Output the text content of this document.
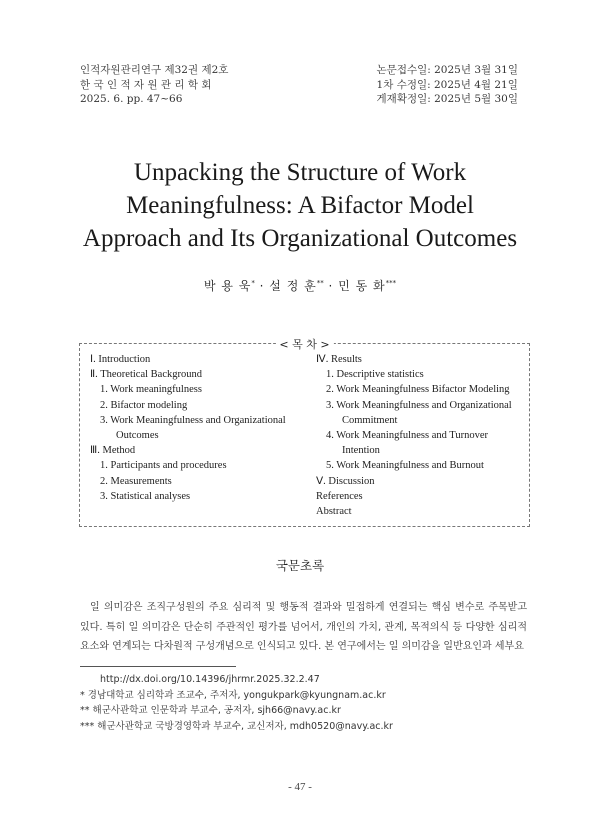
인적자원관리연구 제32권 제2호
한 국 인 적 자 원 관 리 학 회
2025. 6. pp. 47~66
논문접수일: 2025년 3월 31일
1차 수정일: 2025년 4월 21일
게재확정일: 2025년 5월 30일
Unpacking the Structure of Work
Meaningfulness: A Bifactor Model
Approach and Its Organizational Outcomes
박 용 욱* · 설 정 훈** · 민 동 화***
< 목 차 >
Ⅰ. Introduction
Ⅱ. Theoretical Background
1. Work meaningfulness
2. Bifactor modeling
3. Work Meaningfulness and Organizational
Outcomes
Ⅲ. Method
1. Participants and procedures
2. Measurements
3. Statistical analyses
Ⅳ. Results
1. Descriptive statistics
2. Work Meaningfulness Bifactor Modeling
3. Work Meaningfulness and Organizational
Commitment
4. Work Meaningfulness and Turnover
Intention
5. Work Meaningfulness and Burnout
Ⅴ. Discussion
References
Abstract
국문초록

일 의미감은 조직구성원의 주요 심리적 및 행동적 결과와 밀접하게 연결되는 핵심 변수로 주목받고 있다. 특히 일 의미감은 단순히 주관적인 평가를 넘어서, 개인의 가치, 관계, 목적의식 등 다양한 심리적 요소와 연계되는 다차원적 구성개념으로 인식되고 있다. 본 연구에서는 일 의미감을 일반요인과 세부요

http://dx.doi.org/10.14396/jhrmr.2025.32.2.47
* 경남대학교 심리학과 조교수, 주저자, yongukpark@kyungnam.ac.kr
** 해군사관학교 인문학과 부교수, 공저자, sjh66@navy.ac.kr
*** 해군사관학교 국방경영학과 부교수, 교신저자, mdh0520@navy.ac.kr
- 47 -
